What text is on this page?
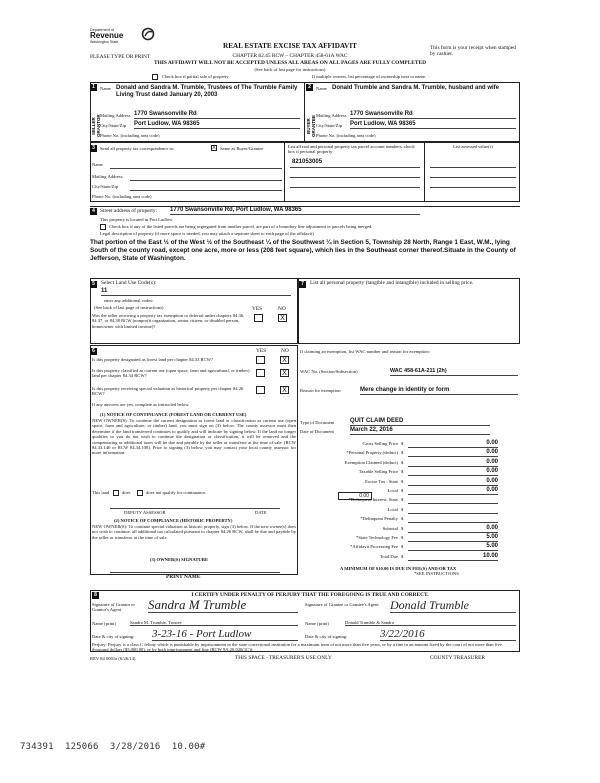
Department of
Revenue
Washington State	REAL ESTATE EXCISE TAX AFFIDAVIT
CHAPTER 82.45 RCW – CHAPTER 458-61A WAC
THIS AFFIDAVIT WILL NOT BE ACCEPTED UNLESS ALL AREAS ON ALL PAGES ARE FULLY COMPLETED
(See back of last page for instructions)
PLEASE TYPE OR PRINT
This form is your receipt when stamped by cashier.
Check box if partial sale of property	If multiple owners, list percentage of ownership next to name.
1
SELLER GRANTOR
Name Donald and Sandra M. Trumble, Trustees of The Trumble Family Living Trust dated January 20, 2003
Mailing Address 1770 Swansonville Rd
City/State/Zip	Port Ludlow, WA 98365
Phone No. (including area code)
2
BUYER GRANTEE
Name Donald Trumble and Sandra M. Trumble, husband and wife
Mailing Address 1770 Swansonville Rd
City/State/Zip	Port Ludlow, WA 98365
Phone No. (including area code)
3	Send all property tax correspondence to:	X Same as Buyer/Grantee
Name
Mailing Address
City/State/Zip
Phone No. (including area code)
List all real and personal property tax parcel account numbers–check box if personal property
List assessed value(s)
821053005
4 Street address of property:	1770 Swansonville Rd, Port Ludlow, WA 98365
This property is located in Port Ludlow
Check box if any of the listed parcels are being segregated from another parcel, are part of a boundary line adjustment or parcels being merged.
Legal description of property (if more space is needed, you may attach a separate sheet to each page of the affidavit)
That portion of the East ½ of the West ½ of the Southeast ¼ of the Southwest ¼ in Section 5, Township 28 North, Range 1 East, W.M., lying South of the county road, except one acre, more or less (208 feet square), which lies in the Southeast corner thereof.Situate in the County of Jefferson, State of Washington.
5	Select Land Use Code(s):
11
enter any additional codes:
(See back of last page of instructions)	YES	NO
Was the seller receiving a property tax exemption or deferral under chapters 84.36, 84.37, or 84.38 RCW (nonprofit organization, senior citizen, or disabled person, homeowner with limited income)?
X
6	YES	NO
Is this property designated as forest land per chapter 84.33 RCW?	X
Is this property classified as current use (open space, farm and agricultural, or timber) land per chapter 84.34 RCW?	X
Is this property receiving special valuation as historical property per chapter 84.26 RCW?	X
If any answers are yes, complete as instructed below.
(1) NOTICE OF CONTINUANCE (FOREST LAND OR CURRENT USE)
NEW OWNER(S): To continue the current designation as forest land or classification as current use (open space, farm and agriculture, or timber) land, you must sign on (3) below. The county assessor must then determine if the land transferred continues to qualify and will indicate by signing below. If the land no longer qualifies or you do not wish to continue the designation or classification, it will be removed and the compensating or additional taxes will be due and payable by the seller or transferor at the time of sale. (RCW 84.33.140 or RCW 84.34.108). Prior to signing (3) below, you may contact your local county assessor for more information.
This land	does	does not qualify for continuance.
DEPUTY ASSESSOR	DATE
(2) NOTICE OF COMPLIANCE (HISTORIC PROPERTY)
NEW OWNER(S): To continue special valuation as historic property, sign (3) below. If the new owner(s) does not wish to continue, all additional tax calculated pursuant to chapter 84.26 RCW, shall be due and payable by the seller or transferor at the time of sale.
(3) OWNER(S) SIGNATURE
PRINT NAME
7	List all personal property (tangible and intangible) included in selling price.
If claiming an exemption, list WAC number and reason for exemption:
WAC No. (Section/Subsection)	WAC 458-61A-211 (2h)
Reason for exemption	Mere change in identity or form
Type of Document	QUIT CLAIM DEED
Date of Document	March 22, 2016
Gross Selling Price $	0.00
*Personal Property (deduct) $	0.00
Exemption Claimed (deduct) $	0.00
Taxable Selling Price $	0.00
Excise Tax : State $	0.00
Local $	0.00
*Delinquent Interest: State $
Local $
*Delinquent Penalty $
Subtotal $	0.00
*State Technology Fee $	5.00
*Affidavit Processing Fee $	5.00
Total Due $	10.00
0.00
A MINIMUM OF $10.00 IS DUE IN FEE(S) AND/OR TAX
*SEE INSTRUCTIONS
8	I CERTIFY UNDER PENALTY OF PERJURY THAT THE FOREGOING IS TRUE AND CORRECT.
Signature of Grantor or Grantor's Agent	Sandra M Trumble
Name (print)	Sandra M. Trumble, Trustee
Date & city of signing:	3-23-16 - Port Ludlow
Signature of Grantee or Grantee's Agent Donald Trumble
Name (print)	Donald Trumble & Sandra
Date & city of signing:	3/22/2016
Perjury: Perjury is a class C felony which is punishable by imprisonment in the state correctional institution for a maximum term of not more than five years, or by a fine in an amount fixed by the court of not more than five thousand dollars ($5,000.00), or by both imprisonment and fine (RCW 9A.20.020(1C)).
REV 84 0001a (6/26/14)	THIS SPACE - TREASURER'S USE ONLY	COUNTY TREASURER
734391  125066  3/28/2016  10.00#
